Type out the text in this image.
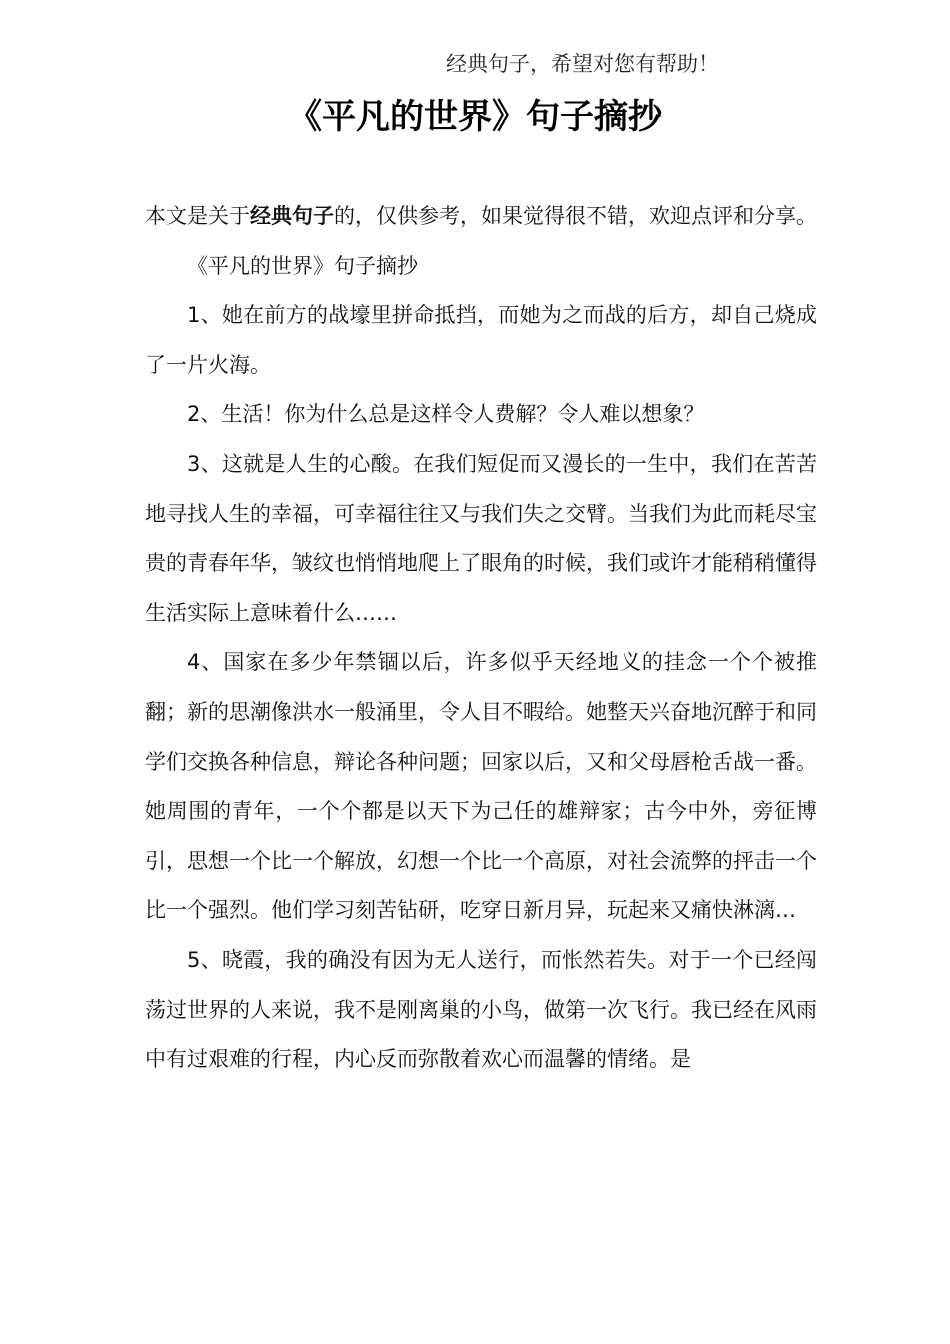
经典句子，希望对您有帮助！
《平凡的世界》句子摘抄

本文是关于经典句子的，仅供参考，如果觉得很不错，欢迎点评和分享。

《平凡的世界》句子摘抄

1、她在前方的战壕里拼命抵挡，而她为之而战的后方，却自己烧成了一片火海。

2、生活！你为什么总是这样令人费解？令人难以想象？

3、这就是人生的心酸。在我们短促而又漫长的一生中，我们在苦苦地寻找人生的幸福，可幸福往往又与我们失之交臂。当我们为此而耗尽宝贵的青春年华，皱纹也悄悄地爬上了眼角的时候，我们或许才能稍稍懂得生活实际上意味着什么……

4、国家在多少年禁锢以后，许多似乎天经地义的挂念一个个被推翻；新的思潮像洪水一般涌里，令人目不暇给。她整天兴奋地沉醉于和同学们交换各种信息，辩论各种问题；回家以后，又和父母唇枪舌战一番。她周围的青年，一个个都是以天下为己任的雄辩家；古今中外，旁征博引，思想一个比一个解放，幻想一个比一个高原，对社会流弊的抨击一个比一个强烈。他们学习刻苦钻研，吃穿日新月异，玩起来又痛快淋漓…

5、晓霞，我的确没有因为无人送行，而怅然若失。对于一个已经闯荡过世界的人来说，我不是刚离巢的小鸟，做第一次飞行。我已经在风雨中有过艰难的行程，内心反而弥散着欢心而温馨的情绪。是
